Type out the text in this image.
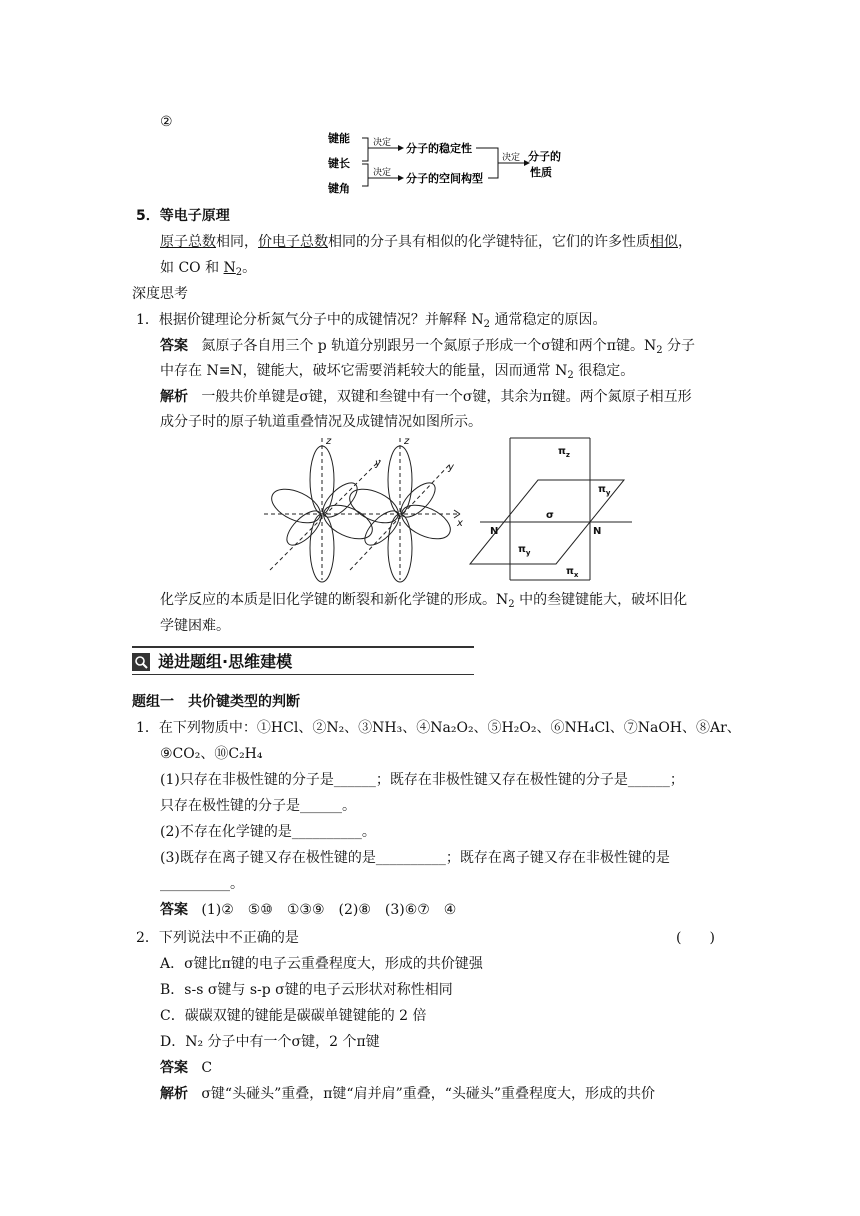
②
键能
键长
键角
决定
决定
分子的稳定性
分子的空间构型
决定 分子的
性质
5．等电子原理
原子总数相同，价电子总数相同的分子具有相似的化学键特征，它们的许多性质相似，
如 CO 和 $N_2$。
深度思考
1．根据价键理论分析氮气分子中的成键情况？并解释 $N_2$ 通常稳定的原因。
答案 氮原子各自用三个 p 轨道分别跟另一个氮原子形成一个σ键和两个π键。$N_2$ 分子
中存在 N≡N，键能大，破坏它需要消耗较大的能量，因而通常 $N_2$ 很稳定。
解析 一般共价单键是σ键，双键和叁键中有一个σ键，其余为π键。两个氮原子相互形
成分子时的原子轨道重叠情况及成键情况如图所示。
z	z
y	y
x
$\pi_z$
$\pi_y$
σ
N	N
$\pi_y$
$\pi_x$
化学反应的本质是旧化学键的断裂和新化学键的形成。$N_2$ 中的叁键键能大，破坏旧化
学键困难。
递进题组·思维建模
题组一　共价键类型的判断
1．在下列物质中：①HCl、②N₂、③NH₃、④Na₂O₂、⑤H₂O₂、⑥NH₄Cl、⑦NaOH、⑧Ar、
⑨CO₂、⑩C₂H₄
(1)只存在非极性键的分子是______；既存在非极性键又存在极性键的分子是______；
只存在极性键的分子是______。
(2)不存在化学键的是__________。
(3)既存在离子键又存在极性键的是__________；既存在离子键又存在非极性键的是
__________。
答案 (1)②　⑤⑩　①③⑨　(2)⑧　(3)⑥⑦　④
2．下列说法中不正确的是	(　　)
A．σ键比π键的电子云重叠程度大，形成的共价键强
B．s-s σ键与 s-p σ键的电子云形状对称性相同
C．碳碳双键的键能是碳碳单键键能的 2 倍
D．N₂ 分子中有一个σ键，2 个π键
答案 C
解析 σ键“头碰头”重叠，π键“肩并肩”重叠，“头碰头”重叠程度大，形成的共价
